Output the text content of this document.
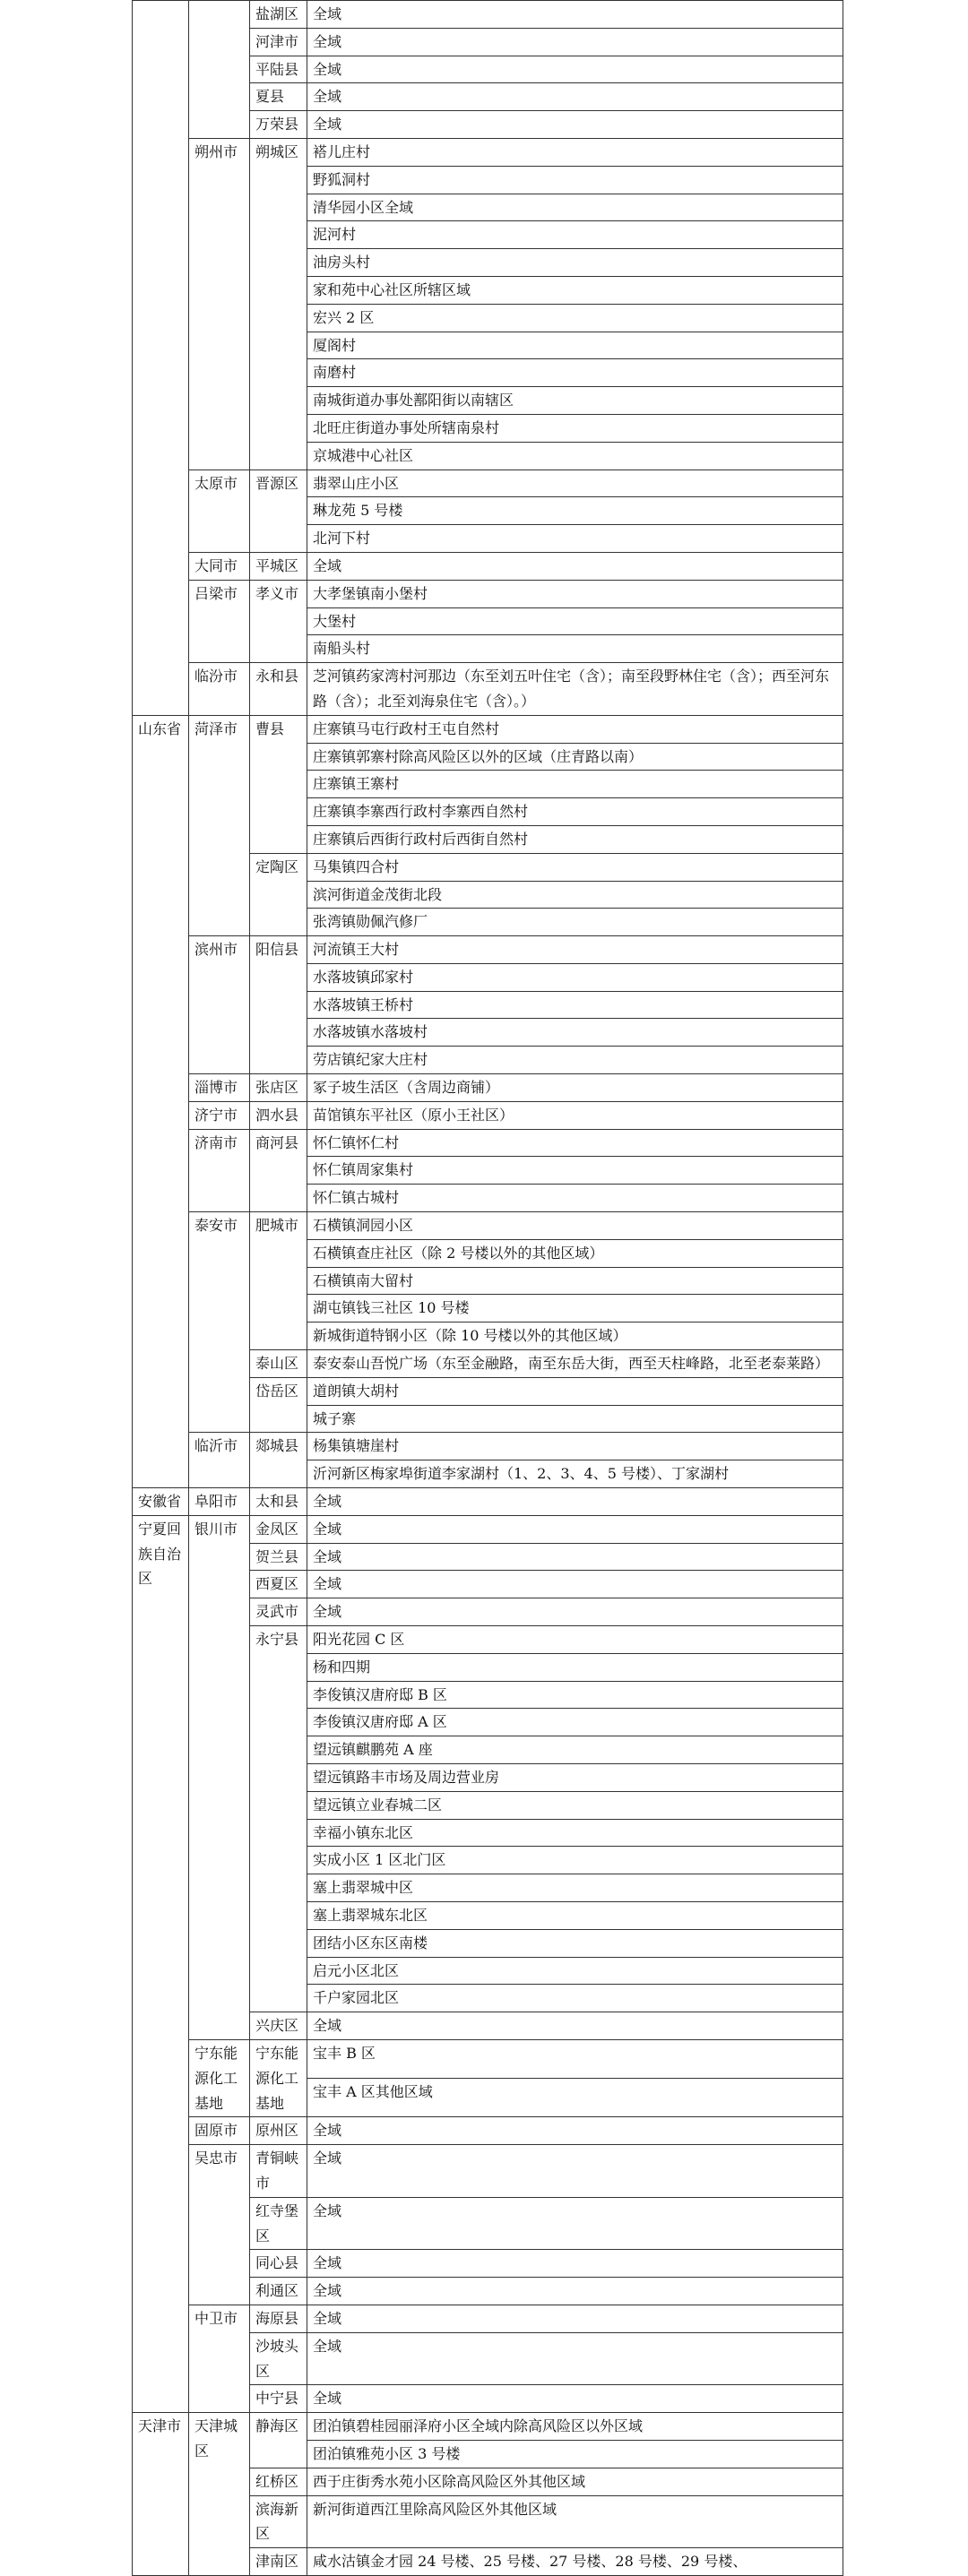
		盐湖区	全域
		河津市	全域
		平陆县	全域
		夏县	全域
		万荣县	全域
	朔州市	朔城区	褡儿庄村
			野狐洞村
			清华园小区全域
			泥河村
			油房头村
			家和苑中心社区所辖区域
			宏兴 2 区
			厦阁村
			南磨村
			南城街道办事处鄯阳街以南辖区
			北旺庄街道办事处所辖南泉村
			京城港中心社区
	太原市	晋源区	翡翠山庄小区
			琳龙苑 5 号楼
			北河下村
	大同市	平城区	全域
	吕梁市	孝义市	大孝堡镇南小堡村
			大堡村
			南船头村
	临汾市	永和县	芝河镇药家湾村河那边（东至刘五叶住宅（含）；南至段野林住宅（含）；西至河东路（含）；北至刘海泉住宅（含）。）
山东省	菏泽市	曹县	庄寨镇马屯行政村王屯自然村
			庄寨镇郭寨村除高风险区以外的区域（庄青路以南）
			庄寨镇王寨村
			庄寨镇李寨西行政村李寨西自然村
			庄寨镇后西街行政村后西街自然村
		定陶区	马集镇四合村
			滨河街道金茂街北段
			张湾镇勋佩汽修厂
	滨州市	阳信县	河流镇王大村
			水落坡镇邱家村
			水落坡镇王桥村
			水落坡镇水落坡村
			劳店镇纪家大庄村
	淄博市	张店区	冢子坡生活区（含周边商铺）
	济宁市	泗水县	苗馆镇东平社区（原小王社区）
	济南市	商河县	怀仁镇怀仁村
			怀仁镇周家集村
			怀仁镇古城村
	泰安市	肥城市	石横镇洞园小区
			石横镇查庄社区（除 2 号楼以外的其他区域）
			石横镇南大留村
			湖屯镇钱三社区 10 号楼
			新城街道特钢小区（除 10 号楼以外的其他区域）
		泰山区	泰安泰山吾悦广场（东至金融路，南至东岳大街，西至天柱峰路，北至老泰莱路）
		岱岳区	道朗镇大胡村
			城子寨
	临沂市	郯城县	杨集镇塘崖村
			沂河新区梅家埠街道李家湖村（1、2、3、4、5 号楼）、丁家湖村
安徽省	阜阳市	太和县	全域
宁夏回族自治区	银川市	金凤区	全域
		贺兰县	全域
		西夏区	全域
		灵武市	全域
		永宁县	阳光花园 C 区
			杨和四期
			李俊镇汉唐府邸 B 区
			李俊镇汉唐府邸 A 区
			望远镇麒鹏苑 A 座
			望远镇路丰市场及周边营业房
			望远镇立业春城二区
			幸福小镇东北区
			实成小区 1 区北门区
			塞上翡翠城中区
			塞上翡翠城东北区
			团结小区东区南楼
			启元小区北区
			千户家园北区
		兴庆区	全域
	宁东能源化工基地	宁东能源化工基地	宝丰 B 区
			宝丰 A 区其他区域
	固原市	原州区	全域
	吴忠市	青铜峡市	全域
		红寺堡区	全域
		同心县	全域
		利通区	全域
	中卫市	海原县	全域
		沙坡头区	全域
		中宁县	全域
天津市	天津城区	静海区	团泊镇碧桂园丽泽府小区全域内除高风险区以外区域
			团泊镇雅苑小区 3 号楼
		红桥区	西于庄街秀水苑小区除高风险区外其他区域
		滨海新区	新河街道西江里除高风险区外其他区域
		津南区	咸水沽镇金才园 24 号楼、25 号楼、27 号楼、28 号楼、29 号楼、
